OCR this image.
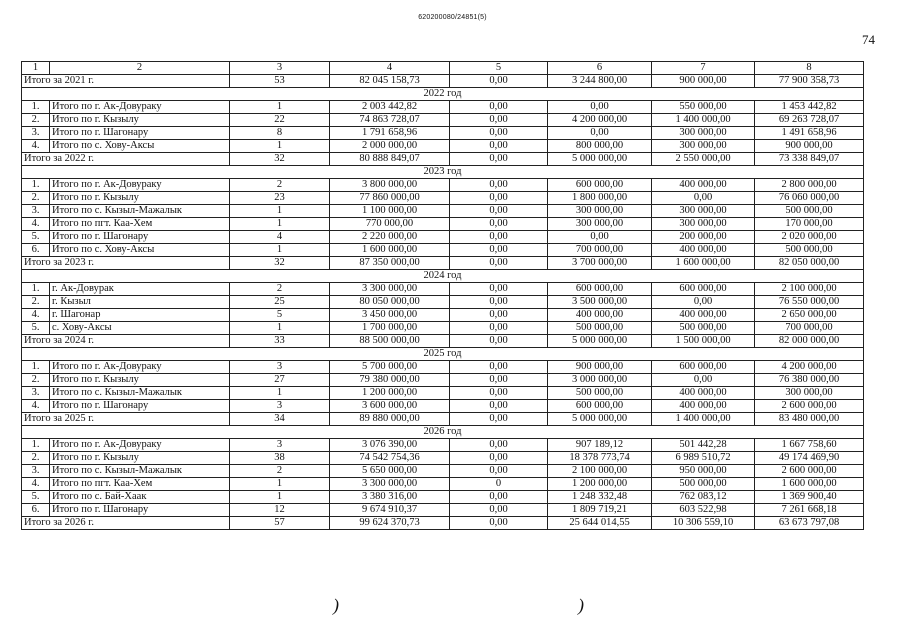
620200080/24851(5)
74
1	2	3	4	5	6	7	8
Итого за 2021 г.		53	82 045 158,73	0,00	3 244 800,00	900 000,00	77 900 358,73
2022 год							
1.	Итого по г. Ак-Довураку	1	2 003 442,82	0,00	0,00	550 000,00	1 453 442,82
2.	Итого по г. Кызылу	22	74 863 728,07	0,00	4 200 000,00	1 400 000,00	69 263 728,07
3.	Итого по г. Шагонару	8	1 791 658,96	0,00	0,00	300 000,00	1 491 658,96
4.	Итого по с. Хову-Аксы	1	2 000 000,00	0,00	800 000,00	300 000,00	900 000,00
Итого за 2022 г.		32	80 888 849,07	0,00	5 000 000,00	2 550 000,00	73 338 849,07
2023 год							
1.	Итого по г. Ак-Довураку	2	3 800 000,00	0,00	600 000,00	400 000,00	2 800 000,00
2.	Итого по г. Кызылу	23	77 860 000,00	0,00	1 800 000,00	0,00	76 060 000,00
3.	Итого по с. Кызыл-Мажалык	1	1 100 000,00	0,00	300 000,00	300 000,00	500 000,00
4.	Итого по пгт. Каа-Хем	1	770 000,00	0,00	300 000,00	300 000,00	170 000,00
5.	Итого по г. Шагонару	4	2 220 000,00	0,00	0,00	200 000,00	2 020 000,00
6.	Итого по с. Хову-Аксы	1	1 600 000,00	0,00	700 000,00	400 000,00	500 000,00
Итого за 2023 г.		32	87 350 000,00	0,00	3 700 000,00	1 600 000,00	82 050 000,00
2024 год							
1.	г. Ак-Довурак	2	3 300 000,00	0,00	600 000,00	600 000,00	2 100 000,00
2.	г. Кызыл	25	80 050 000,00	0,00	3 500 000,00	0,00	76 550 000,00
4.	г. Шагонар	5	3 450 000,00	0,00	400 000,00	400 000,00	2 650 000,00
5.	с. Хову-Аксы	1	1 700 000,00	0,00	500 000,00	500 000,00	700 000,00
Итого за 2024 г.		33	88 500 000,00	0,00	5 000 000,00	1 500 000,00	82 000 000,00
2025 год							
1.	Итого по г. Ак-Довураку	3	5 700 000,00	0,00	900 000,00	600 000,00	4 200 000,00
2.	Итого по г. Кызылу	27	79 380 000,00	0,00	3 000 000,00	0,00	76 380 000,00
3.	Итого по с. Кызыл-Мажалык	1	1 200 000,00	0,00	500 000,00	400 000,00	300 000,00
4.	Итого по г. Шагонару	3	3 600 000,00	0,00	600 000,00	400 000,00	2 600 000,00
Итого за 2025 г.		34	89 880 000,00	0,00	5 000 000,00	1 400 000,00	83 480 000,00
2026 год							
1.	Итого по г. Ак-Довураку	3	3 076 390,00	0,00	907 189,12	501 442,28	1 667 758,60
2.	Итого по г. Кызылу	38	74 542 754,36	0,00	18 378 773,74	6 989 510,72	49 174 469,90
3.	Итого по с. Кызыл-Мажалык	2	5 650 000,00	0,00	2 100 000,00	950 000,00	2 600 000,00
4.	Итого по пгт. Каа-Хем	1	3 300 000,00	0	1 200 000,00	500 000,00	1 600 000,00
5.	Итого по с. Бай-Хаак	1	3 380 316,00	0,00	1 248 332,48	762 083,12	1 369 900,40
6.	Итого по г. Шагонару	12	9 674 910,37	0,00	1 809 719,21	603 522,98	7 261 668,18
Итого за 2026 г.		57	99 624 370,73	0,00	25 644 014,55	10 306 559,10	63 673 797,08
)	)
